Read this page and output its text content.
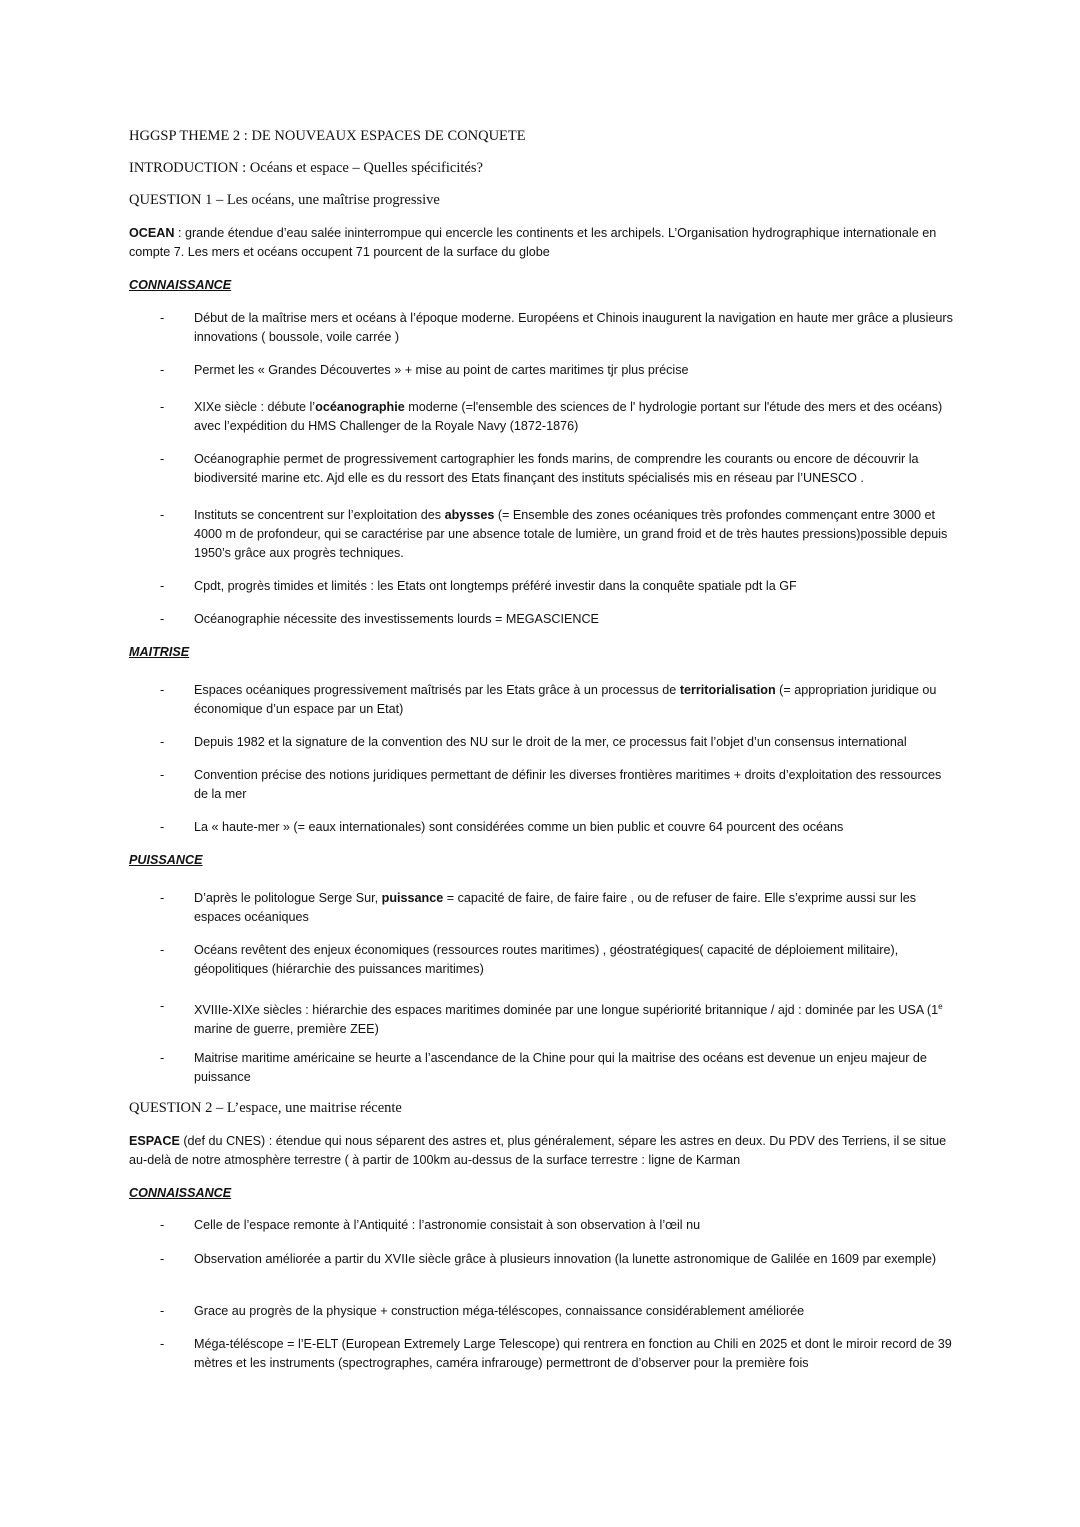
HGGSP THEME 2 : DE NOUVEAUX ESPACES DE CONQUETE

INTRODUCTION : Océans et espace – Quelles spécificités?

QUESTION 1 – Les océans, une maîtrise progressive

OCEAN : grande étendue d’eau salée ininterrompue qui encercle les continents et les archipels. L’Organisation hydrographique internationale en compte 7. Les mers et océans occupent 71 pourcent de la surface du globe

CONNAISSANCE

- Début de la maîtrise mers et océans à l’époque moderne. Européens et Chinois inaugurent la navigation en haute mer grâce a plusieurs innovations ( boussole, voile carrée )
- Permet les « Grandes Découvertes » + mise au point de cartes maritimes tjr plus précise
- XIXe siècle : débute l’océanographie moderne (=l'ensemble des sciences de l' hydrologie portant sur l'étude des mers et des océans) avec l’expédition du HMS Challenger de la Royale Navy (1872-1876)
- Océanographie permet de progressivement cartographier les fonds marins, de comprendre les courants ou encore de découvrir la biodiversité marine etc. Ajd elle es du ressort des Etats finançant des instituts spécialisés mis en réseau par l’UNESCO .
- Instituts se concentrent sur l’exploitation des abysses (= Ensemble des zones océaniques très profondes commençant entre 3000 et 4000 m de profondeur, qui se caractérise par une absence totale de lumière, un grand froid et de très hautes pressions)possible depuis 1950’s grâce aux progrès techniques.
- Cpdt, progrès timides et limités : les Etats ont longtemps préféré investir dans la conquête spatiale pdt la GF
- Océanographie nécessite des investissements lourds = MEGASCIENCE

MAITRISE

- Espaces océaniques progressivement maîtrisés par les Etats grâce à un processus de territorialisation (= appropriation juridique ou économique d’un espace par un Etat)
- Depuis 1982 et la signature de la convention des NU sur le droit de la mer, ce processus fait l’objet d’un consensus international
- Convention précise des notions juridiques permettant de définir les diverses frontières maritimes + droits d’exploitation des ressources de la mer
- La « haute-mer » (= eaux internationales) sont considérées comme un bien public et couvre 64 pourcent des océans

PUISSANCE

- D’après le politologue Serge Sur, puissance = capacité de faire, de faire faire , ou de refuser de faire. Elle s’exprime aussi sur les espaces océaniques
- Océans revêtent des enjeux économiques (ressources routes maritimes) , géostratégiques( capacité de déploiement militaire), géopolitiques (hiérarchie des puissances maritimes)
- XVIIIe-XIXe siècles : hiérarchie des espaces maritimes dominée par une longue supériorité britannique / ajd : dominée par les USA (1e marine de guerre, première ZEE)
- Maitrise maritime américaine se heurte a l’ascendance de la Chine pour qui la maitrise des océans est devenue un enjeu majeur de puissance

QUESTION 2 – L’espace, une maitrise récente

ESPACE (def du CNES) : étendue qui nous séparent des astres et, plus généralement, sépare les astres en deux. Du PDV des Terriens, il se situe au-delà de notre atmosphère terrestre ( à partir de 100km au-dessus de la surface terrestre : ligne de Karman

CONNAISSANCE

- Celle de l’espace remonte à l’Antiquité : l’astronomie consistait à son observation à l’œil nu
- Observation améliorée a partir du XVIIe siècle grâce à plusieurs innovation (la lunette astronomique de Galilée en 1609 par exemple)
- Grace au progrès de la physique + construction méga-téléscopes, connaissance considérablement améliorée
- Méga-téléscope = l’E-ELT (European Extremely Large Telescope) qui rentrera en fonction au Chili en 2025 et dont le miroir record de 39 mètres et les instruments (spectrographes, caméra infrarouge) permettront de d’observer pour la première fois
